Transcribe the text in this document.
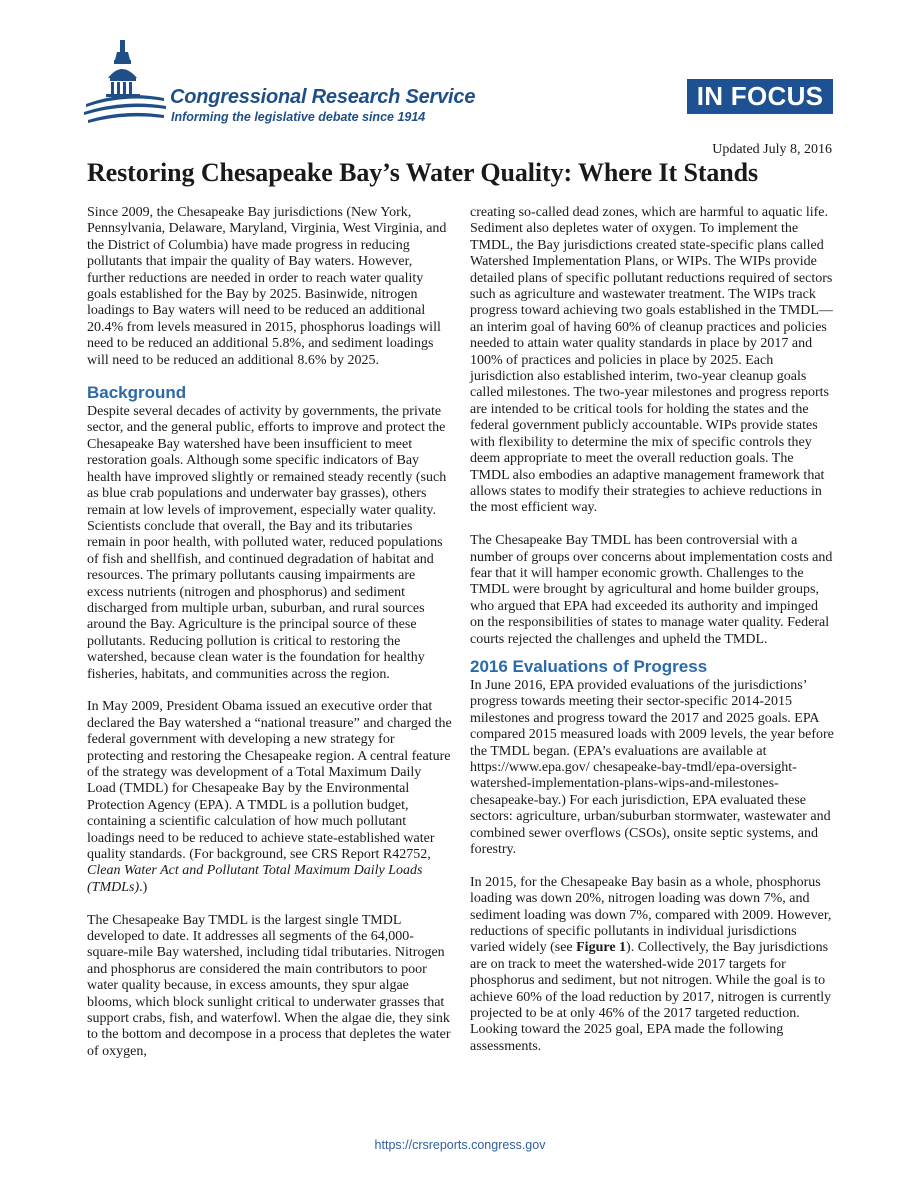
Congressional Research Service
Informing the legislative debate since 1914
IN FOCUS
Updated July 8, 2016
Restoring Chesapeake Bay’s Water Quality: Where It Stands

Since 2009, the Chesapeake Bay jurisdictions (New York, Pennsylvania, Delaware, Maryland, Virginia, West Virginia, and the District of Columbia) have made progress in reducing pollutants that impair the quality of Bay waters. However, further reductions are needed in order to reach water quality goals established for the Bay by 2025. Basinwide, nitrogen loadings to Bay waters will need to be reduced an additional 20.4% from levels measured in 2015, phosphorus loadings will need to be reduced an additional 5.8%, and sediment loadings will need to be reduced an additional 8.6% by 2025.

Background

Despite several decades of activity by governments, the private sector, and the general public, efforts to improve and protect the Chesapeake Bay watershed have been insufficient to meet restoration goals. Although some specific indicators of Bay health have improved slightly or remained steady recently (such as blue crab populations and underwater bay grasses), others remain at low levels of improvement, especially water quality. Scientists conclude that overall, the Bay and its tributaries remain in poor health, with polluted water, reduced populations of fish and shellfish, and continued degradation of habitat and resources. The primary pollutants causing impairments are excess nutrients (nitrogen and phosphorus) and sediment discharged from multiple urban, suburban, and rural sources around the Bay. Agriculture is the principal source of these pollutants. Reducing pollution is critical to restoring the watershed, because clean water is the foundation for healthy fisheries, habitats, and communities across the region.

In May 2009, President Obama issued an executive order that declared the Bay watershed a “national treasure” and charged the federal government with developing a new strategy for protecting and restoring the Chesapeake region. A central feature of the strategy was development of a Total Maximum Daily Load (TMDL) for Chesapeake Bay by the Environmental Protection Agency (EPA). A TMDL is a pollution budget, containing a scientific calculation of how much pollutant loadings need to be reduced to achieve state-established water quality standards. (For background, see CRS Report R42752, Clean Water Act and Pollutant Total Maximum Daily Loads (TMDLs).)

The Chesapeake Bay TMDL is the largest single TMDL developed to date. It addresses all segments of the 64,000-square-mile Bay watershed, including tidal tributaries. Nitrogen and phosphorus are considered the main contributors to poor water quality because, in excess amounts, they spur algae blooms, which block sunlight critical to underwater grasses that support crabs, fish, and waterfowl. When the algae die, they sink to the bottom and decompose in a process that depletes the water of oxygen,

creating so-called dead zones, which are harmful to aquatic life. Sediment also depletes water of oxygen. To implement the TMDL, the Bay jurisdictions created state-specific plans called Watershed Implementation Plans, or WIPs. The WIPs provide detailed plans of specific pollutant reductions required of sectors such as agriculture and wastewater treatment. The WIPs track progress toward achieving two goals established in the TMDL—an interim goal of having 60% of cleanup practices and policies needed to attain water quality standards in place by 2017 and 100% of practices and policies in place by 2025. Each jurisdiction also established interim, two-year cleanup goals called milestones. The two-year milestones and progress reports are intended to be critical tools for holding the states and the federal government publicly accountable. WIPs provide states with flexibility to determine the mix of specific controls they deem appropriate to meet the overall reduction goals. The TMDL also embodies an adaptive management framework that allows states to modify their strategies to achieve reductions in the most efficient way.

The Chesapeake Bay TMDL has been controversial with a number of groups over concerns about implementation costs and fear that it will hamper economic growth. Challenges to the TMDL were brought by agricultural and home builder groups, who argued that EPA had exceeded its authority and impinged on the responsibilities of states to manage water quality. Federal courts rejected the challenges and upheld the TMDL.

2016 Evaluations of Progress

In June 2016, EPA provided evaluations of the jurisdictions’ progress towards meeting their sector-specific 2014-2015 milestones and progress toward the 2017 and 2025 goals. EPA compared 2015 measured loads with 2009 levels, the year before the TMDL began. (EPA’s evaluations are available at https://www.epa.gov/ chesapeake-bay-tmdl/epa-oversight-watershed-implementation-plans-wips-and-milestones-chesapeake-bay.) For each jurisdiction, EPA evaluated these sectors: agriculture, urban/suburban stormwater, wastewater and combined sewer overflows (CSOs), onsite septic systems, and forestry.

In 2015, for the Chesapeake Bay basin as a whole, phosphorus loading was down 20%, nitrogen loading was down 7%, and sediment loading was down 7%, compared with 2009. However, reductions of specific pollutants in individual jurisdictions varied widely (see Figure 1). Collectively, the Bay jurisdictions are on track to meet the watershed-wide 2017 targets for phosphorus and sediment, but not nitrogen. While the goal is to achieve 60% of the load reduction by 2017, nitrogen is currently projected to be at only 46% of the 2017 targeted reduction. Looking toward the 2025 goal, EPA made the following assessments.

https://crsreports.congress.gov
